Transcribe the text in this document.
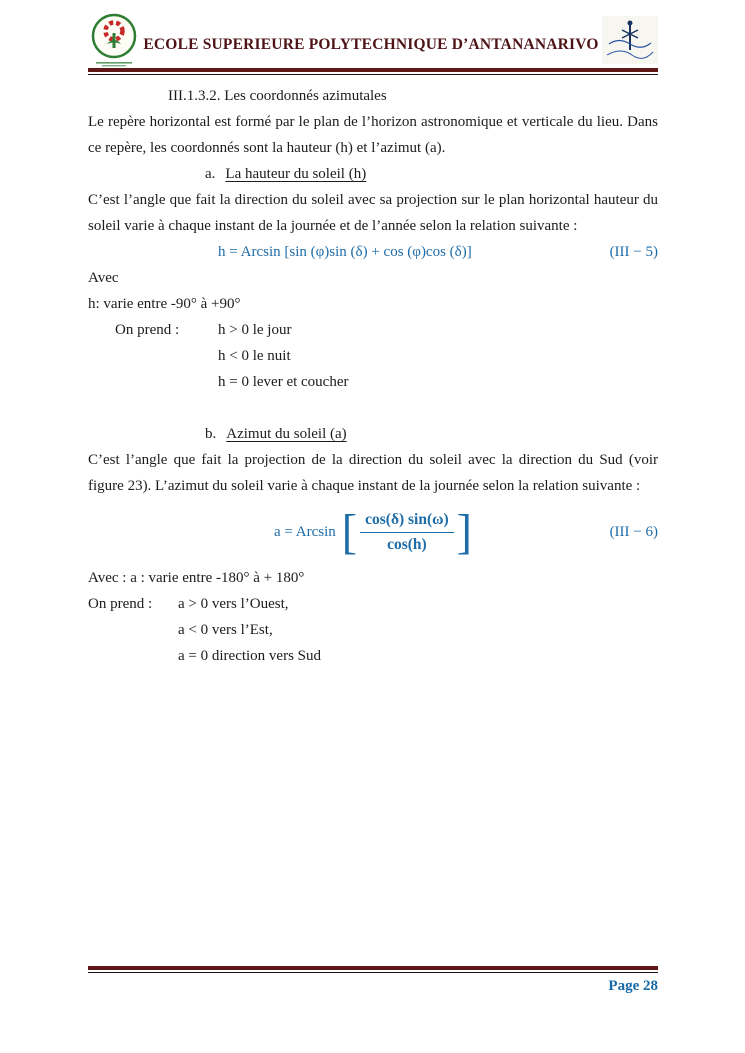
ECOLE SUPERIEURE POLYTECHNIQUE D’ANTANANARIVO

III.1.3.2. Les coordonnés azimutales

Le repère horizontal est formé par le plan de l’horizon astronomique et verticale du lieu. Dans ce repère, les coordonnés sont la hauteur (h) et l’azimut (a).

a. La hauteur du soleil (h)

C’est l’angle que fait la direction du soleil avec sa projection sur le plan horizontal hauteur du soleil varie à chaque instant de la journée et de l’année selon la relation suivante :

h = Arcsin [sin (φ)sin (δ) + cos (φ)cos (δ)]	(III − 5)

Avec

h: varie entre -90° à +90°

On prend :	h > 0 le jour

h < 0 le nuit

h = 0 lever et coucher

b. Azimut du soleil (a)

C’est l’angle que fait la projection de la direction du soleil avec la direction du Sud (voir figure 23). L’azimut du soleil varie à chaque instant de la journée selon la relation suivante :

a = Arcsin [ $\frac{\cos(\delta) \sin(\omega)}{\cos(h)}$ ]	(III − 6)

Avec : a : varie entre -180° à + 180°

On prend : a > 0 vers l’Ouest,

a < 0 vers l’Est,

a = 0 direction vers Sud

Page 28
